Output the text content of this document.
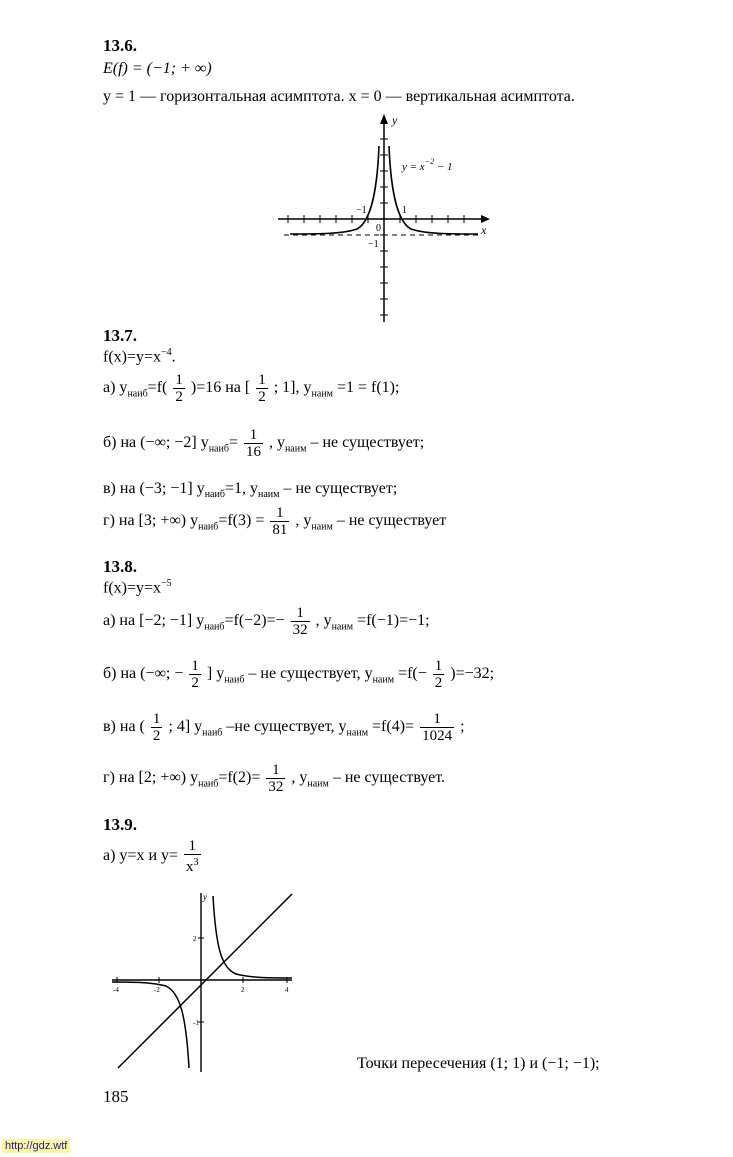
13.6.
E(f) = (−1; + ∞)
y = 1 — горизонтальная асимптота. x = 0 — вертикальная асимптота.
y
x
$y = x^{-2} - 1$
−1	1
0
−1
13.7.
$f(x)=y=x^{-4}$.
а) $y_{наиб}=f( \frac{1}{2} )=16$ на [ $\frac{1}{2}$ ; 1], $y_{наим} =1 = f(1)$;
б) на (−∞; −2] $y_{наиб}= \frac{1}{16}$ , $y_{наим}$ – не существует;
в) на (−3; −1] $y_{наиб}=1$, $y_{наим}$ – не существует;
г) на [3; +∞) $y_{наиб}=f(3) = \frac{1}{81}$ , $y_{наим}$ – не существует
13.8.
$f(x)=y=x^{-5}$
а) на [−2; −1] $y_{наиб}=f(-2)=- \frac{1}{32}$ , $y_{наим} =f(-1)=-1$;
б) на (−∞; − $\frac{1}{2}$ ] $y_{наиб}$ – не существует, $y_{наим} =f(- \frac{1}{2} )=-32$;
в) на ( $\frac{1}{2}$ ; 4] $y_{наиб}$ –не существует, $y_{наим} =f(4)= \frac{1}{1024}$ ;
г) на [2; +∞) $y_{наиб}=f(2)= \frac{1}{32}$ , $y_{наим}$ – не существует.
13.9.
а) y=x и $y= \frac{1}{x^3}$
y
-2
-4	2	4
2
-1
Точки пересечения (1; 1) и (−1; −1);
185
http://gdz.wtf
